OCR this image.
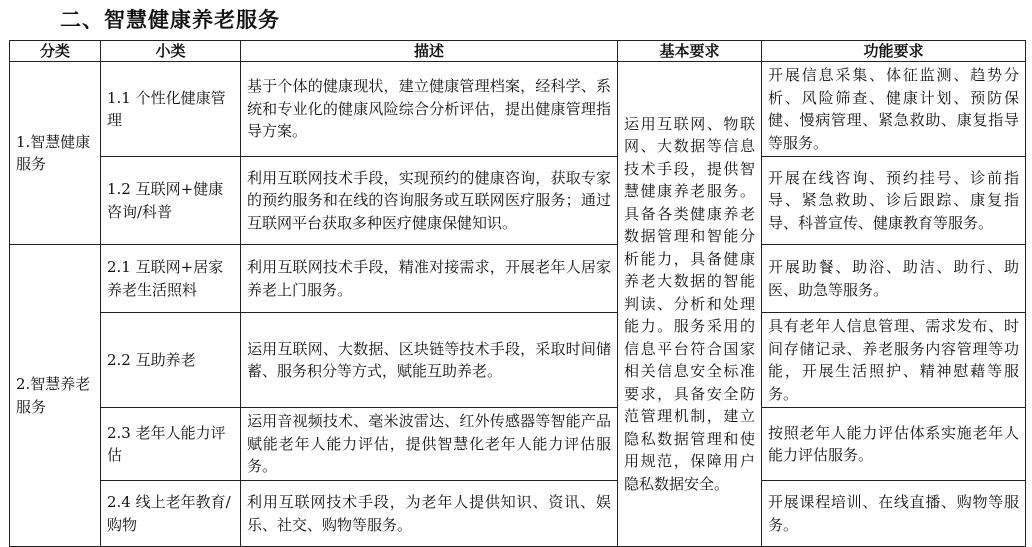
二、智慧健康养老服务
分类	小类	描述	基本要求	功能要求
1.智慧健康服务	1.1 个性化健康管理	基于个体的健康现状，建立健康管理档案，经科学、系统和专业化的健康风险综合分析评估，提出健康管理指导方案。	运用互联网、物联网、大数据等信息技术手段，提供智慧健康养老服务。具备各类健康养老数据管理和智能分析能力，具备健康养老大数据的智能判读、分析和处理能力。服务采用的信息平台符合国家相关信息安全标准要求，具备安全防范管理机制，建立隐私数据管理和使用规范，保障用户隐私数据安全。	开展信息采集、体征监测、趋势分析、风险筛查、健康计划、预防保健、慢病管理、紧急救助、康复指导等服务。
	1.2 互联网+健康咨询/科普	利用互联网技术手段，实现预约的健康咨询，获取专家的预约服务和在线的咨询服务或互联网医疗服务；通过互联网平台获取多种医疗健康保健知识。		开展在线咨询、预约挂号、诊前指导、紧急救助、诊后跟踪、康复指导、科普宣传、健康教育等服务。
2.智慧养老服务	2.1 互联网+居家养老生活照料	利用互联网技术手段，精准对接需求，开展老年人居家养老上门服务。		开展助餐、助浴、助洁、助行、助医、助急等服务。
	2.2 互助养老	运用互联网、大数据、区块链等技术手段，采取时间储蓄、服务积分等方式，赋能互助养老。		具有老年人信息管理、需求发布、时间存储记录、养老服务内容管理等功能，开展生活照护、精神慰藉等服务。
	2.3 老年人能力评估	运用音视频技术、毫米波雷达、红外传感器等智能产品赋能老年人能力评估，提供智慧化老年人能力评估服务。		按照老年人能力评估体系实施老年人能力评估服务。
	2.4 线上老年教育/购物	利用互联网技术手段，为老年人提供知识、资讯、娱乐、社交、购物等服务。		开展课程培训、在线直播、购物等服务。
